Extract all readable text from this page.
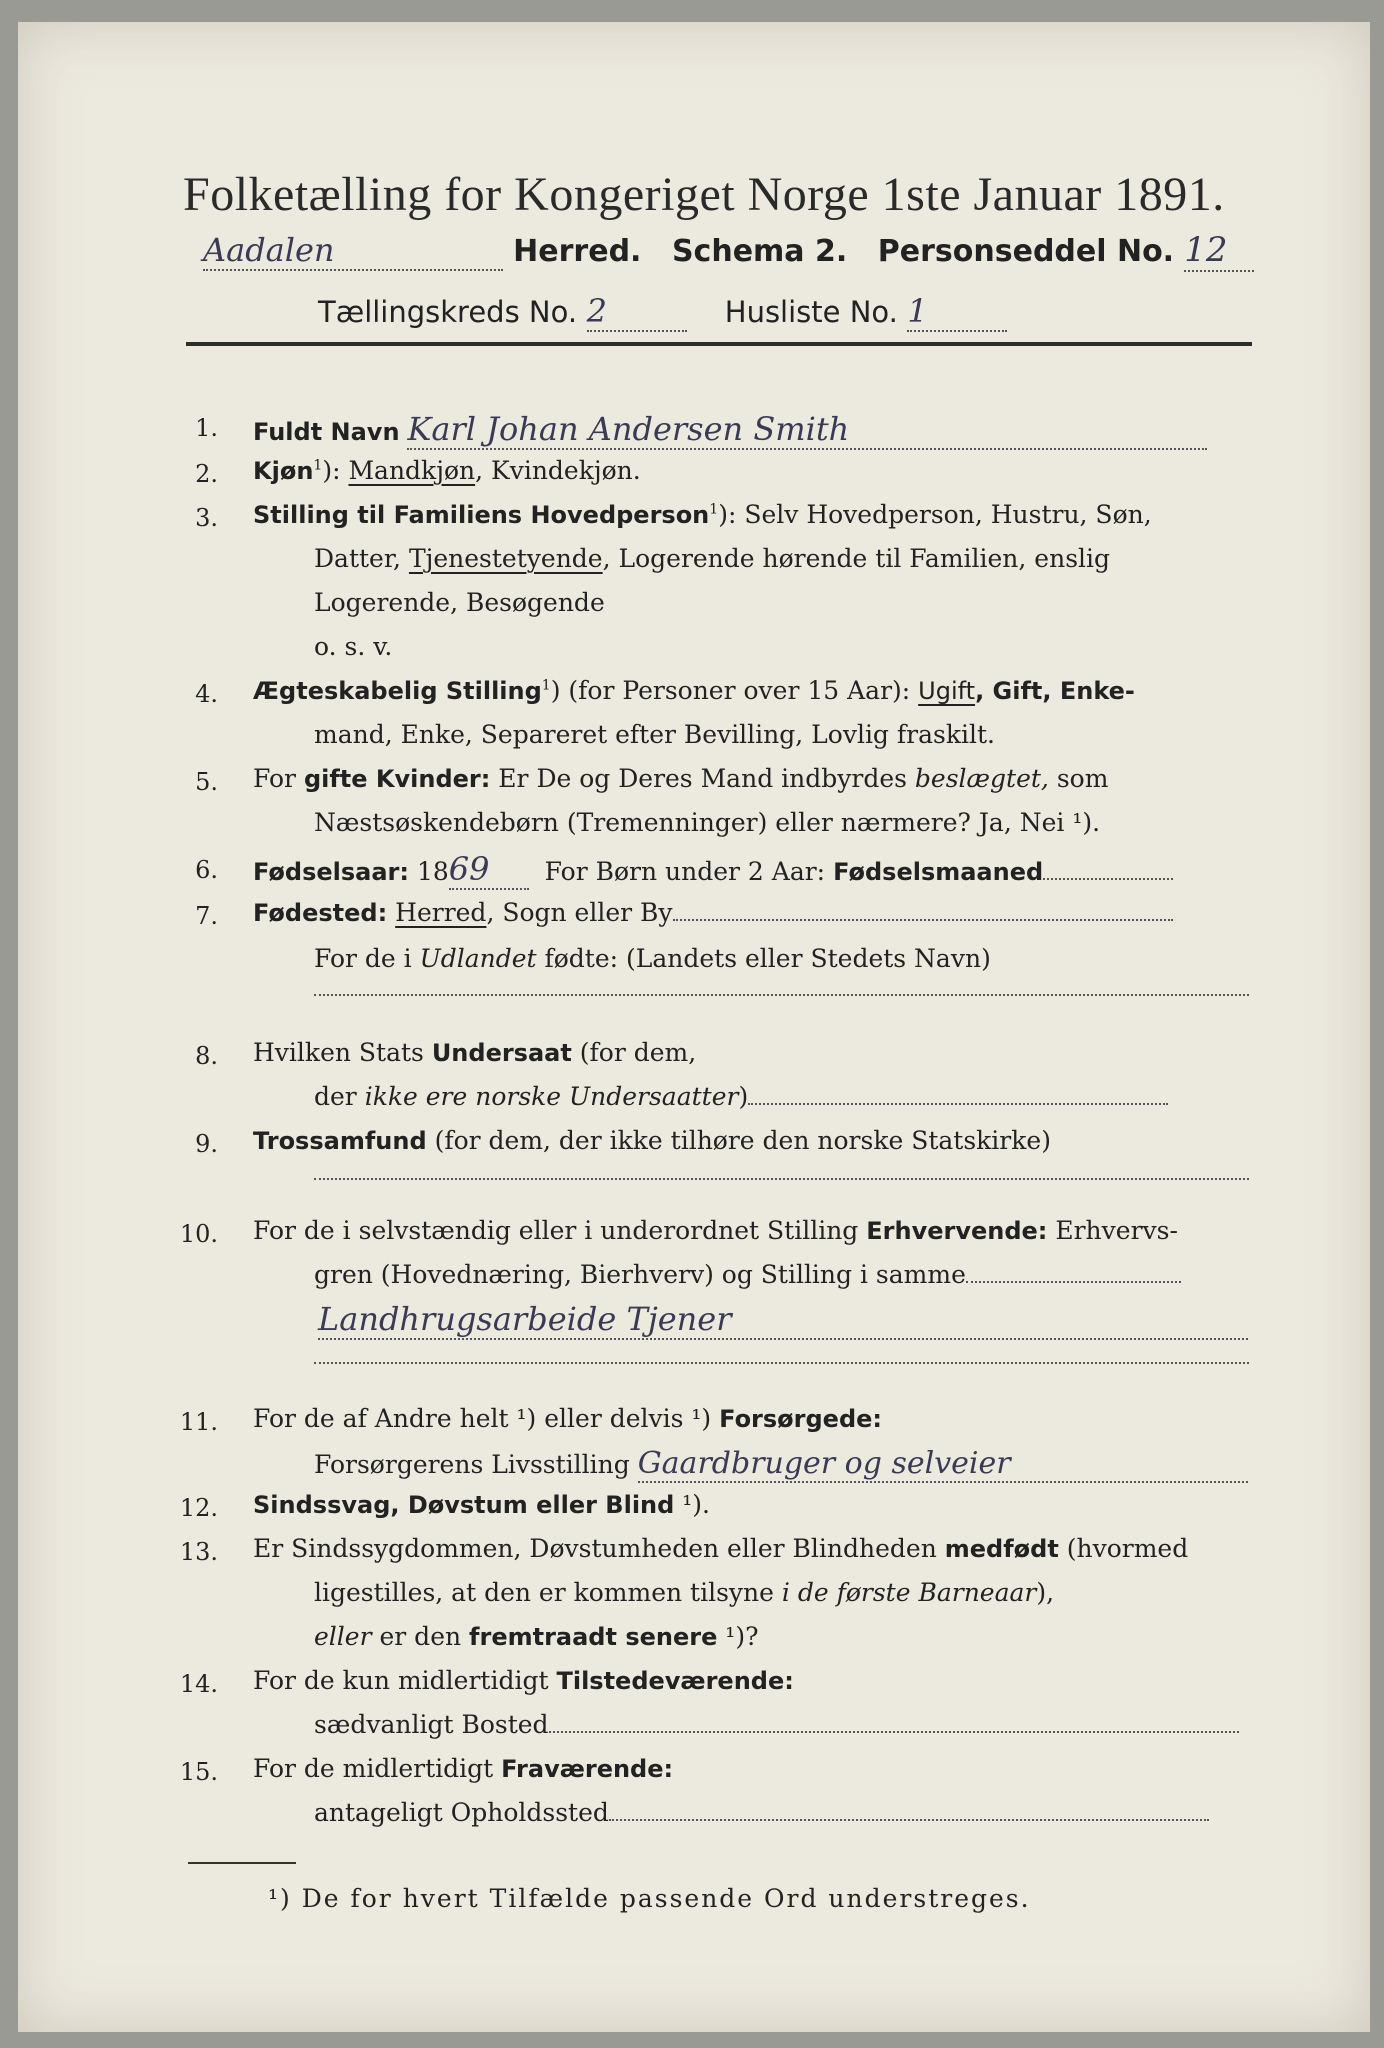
Folketælling for Kongeriget Norge 1ste Januar 1891.
Aadalen	Herred. Schema 2. Personseddel No. 12
Tællingskreds No. 2	Husliste No. 1
1. Fuldt Navn Karl Johan Andersen Smith
2. Kjøn$^1$): Mandkjøn, Kvindekjøn.
3. Stilling til Familiens Hovedperson$^1$): Selv Hovedperson, Hustru, Søn,
Datter, Tjenestetyende, Logerende hørende til Familien, enslig
Logerende, Besøgende
o. s. v.
4. Ægteskabelig Stilling$^1$) (for Personer over 15 Aar): Ugift, Gift, Enke-
mand, Enke, Separeret efter Bevilling, Lovlig fraskilt.
5. For gifte Kvinder: Er De og Deres Mand indbyrdes beslægtet, som
Næstsøskendebørn (Tremenninger) eller nærmere? Ja, Nei ¹).
6. Fødselsaar: 1869 For Børn under 2 Aar: Fødselsmaaned
7. Fødested: Herred, Sogn eller By
For de i Udlandet fødte: (Landets eller Stedets Navn)
8. Hvilken Stats Undersaat (for dem,
der ikke ere norske Undersaatter)
9. Trossamfund (for dem, der ikke tilhøre den norske Statskirke)
10. For de i selvstændig eller i underordnet Stilling Erhvervende: Erhvervs-
gren (Hovednæring, Bierhverv) og Stilling i samme
Landhrugsarbeide Tjener
11. For de af Andre helt ¹) eller delvis ¹) Forsørgede:
Forsørgerens Livsstilling Gaardbruger og selveier
12. Sindssvag, Døvstum eller Blind ¹).
13. Er Sindssygdommen, Døvstumheden eller Blindheden medfødt (hvormed
ligestilles, at den er kommen tilsyne i de første Barneaar),
eller er den fremtraadt senere ¹)?
14. For de kun midlertidigt Tilstedeværende:
sædvanligt Bosted
15. For de midlertidigt Fraværende:
antageligt Opholdssted
¹) De for hvert Tilfælde passende Ord understreges.
